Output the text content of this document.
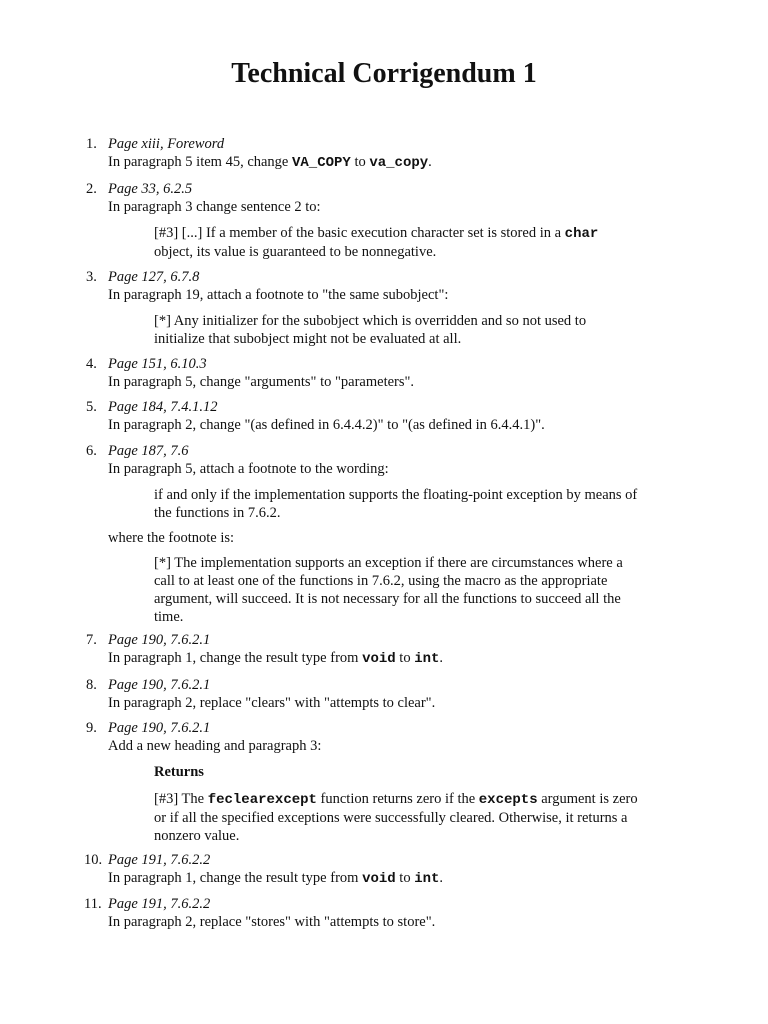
Technical Corrigendum 1
1. Page xiii, Foreword
In paragraph 5 item 45, change VA_COPY to va_copy.
2. Page 33, 6.2.5
In paragraph 3 change sentence 2 to:
[#3] [...] If a member of the basic execution character set is stored in a char
object, its value is guaranteed to be nonnegative.
3. Page 127, 6.7.8
In paragraph 19, attach a footnote to "the same subobject":
[*] Any initializer for the subobject which is overridden and so not used to initialize that subobject might not be evaluated at all.
4. Page 151, 6.10.3
In paragraph 5, change "arguments" to "parameters".
5. Page 184, 7.4.1.12
In paragraph 2, change "(as defined in 6.4.4.2)" to "(as defined in 6.4.4.1)".
6. Page 187, 7.6
In paragraph 5, attach a footnote to the wording:
if and only if the implementation supports the floating-point exception by means of the functions in 7.6.2.
where the footnote is:
[*] The implementation supports an exception if there are circumstances where a call to at least one of the functions in 7.6.2, using the macro as the appropriate argument, will succeed. It is not necessary for all the functions to succeed all the time.
7. Page 190, 7.6.2.1
In paragraph 1, change the result type from void to int.
8. Page 190, 7.6.2.1
In paragraph 2, replace "clears" with "attempts to clear".
9. Page 190, 7.6.2.1
Add a new heading and paragraph 3:
Returns
[#3] The feclearexcept function returns zero if the excepts argument is zero or if all the specified exceptions were successfully cleared. Otherwise, it returns a nonzero value.
10. Page 191, 7.6.2.2
In paragraph 1, change the result type from void to int.
11. Page 191, 7.6.2.2
In paragraph 2, replace "stores" with "attempts to store".
